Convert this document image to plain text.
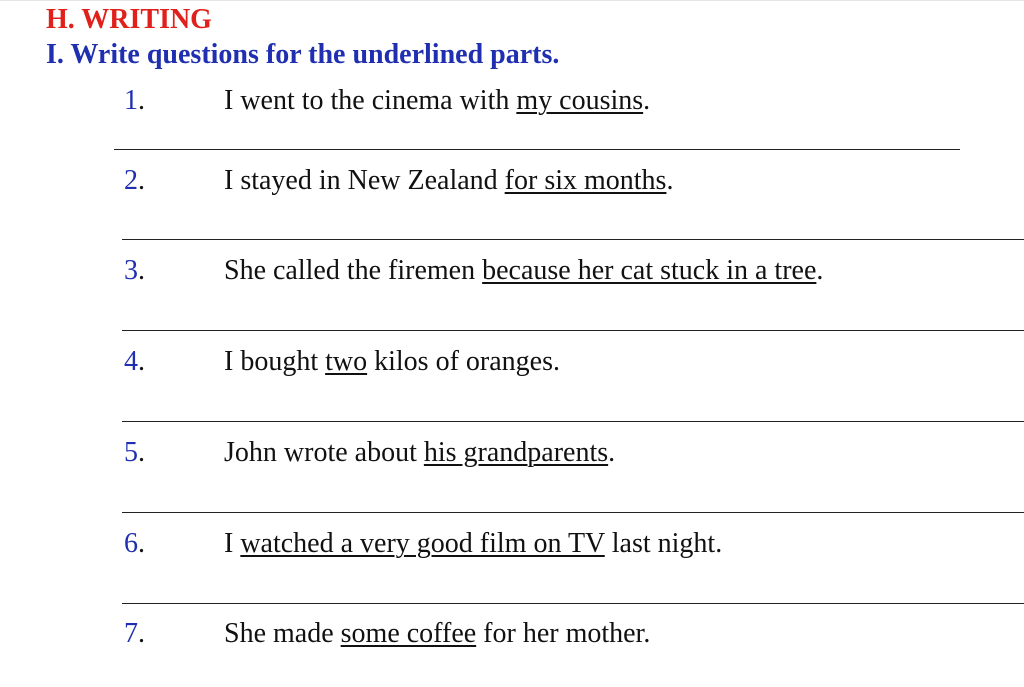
H. WRITING
I. Write questions for the underlined parts.
1.	I went to the cinema with my cousins.
2.	I stayed in New Zealand for six months.
3.	She called the firemen because her cat stuck in a tree.
4.	I bought two kilos of oranges.
5.	John wrote about his grandparents.
6.	I watched a very good film on TV last night.
7.	She made some coffee for her mother.
